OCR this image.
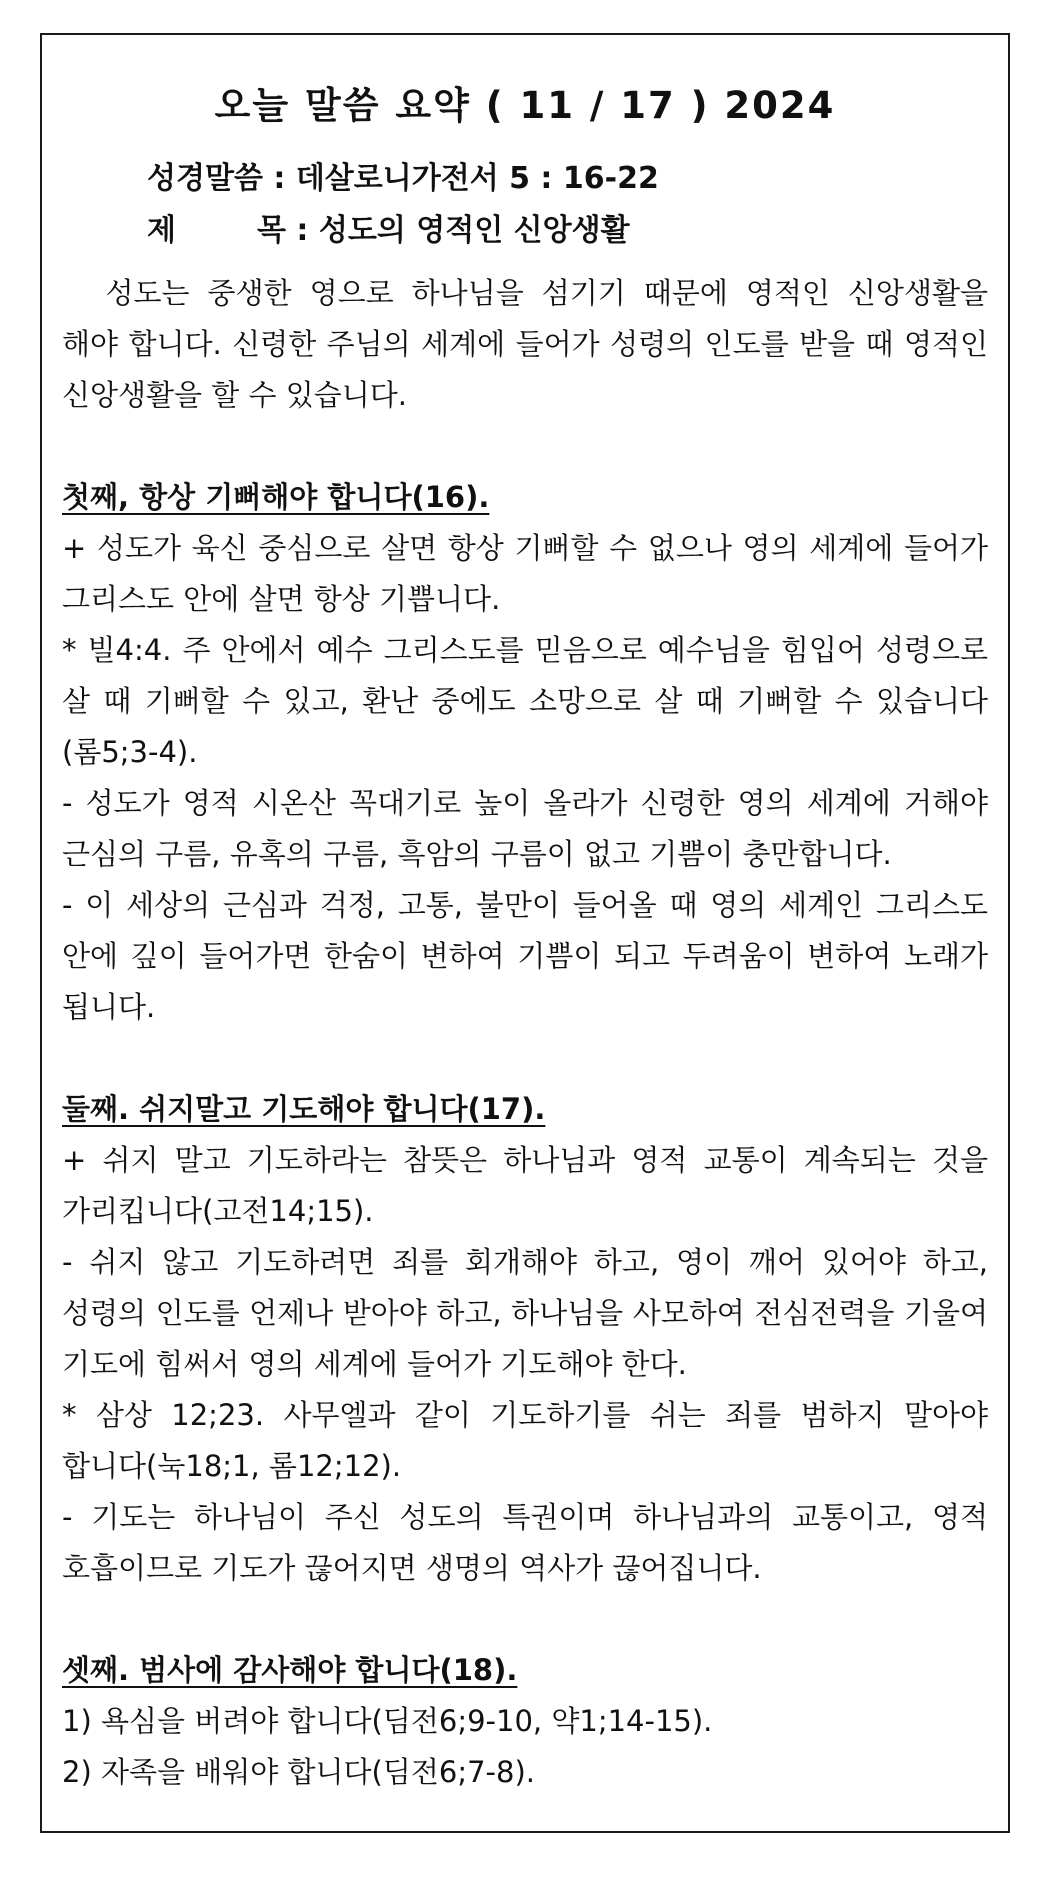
오늘 말씀 요약 ( 11 / 17 ) 2024
성경말씀 : 데살로니가전서 5 : 16-22
제	목 : 성도의 영적인 신앙생활

성도는 중생한 영으로 하나님을 섬기기 때문에 영적인 신앙생활을 해야 합니다. 신령한 주님의 세계에 들어가 성령의 인도를 받을 때 영적인 신앙생활을 할 수 있습니다.

첫째, 항상 기뻐해야 합니다(16).

+ 성도가 육신 중심으로 살면 항상 기뻐할 수 없으나 영의 세계에 들어가 그리스도 안에 살면 항상 기쁩니다.

* 빌4:4. 주 안에서 예수 그리스도를 믿음으로 예수님을 힘입어 성령으로 살 때 기뻐할 수 있고, 환난 중에도 소망으로 살 때 기뻐할 수 있습니다(롬5;3-4).

- 성도가 영적 시온산 꼭대기로 높이 올라가 신령한 영의 세계에 거해야 근심의 구름, 유혹의 구름, 흑암의 구름이 없고 기쁨이 충만합니다.

- 이 세상의 근심과 걱정, 고통, 불만이 들어올 때 영의 세계인 그리스도 안에 깊이 들어가면 한숨이 변하여 기쁨이 되고 두려움이 변하여 노래가 됩니다.

둘째. 쉬지말고 기도해야 합니다(17).

+ 쉬지 말고 기도하라는 참뜻은 하나님과 영적 교통이 계속되는 것을 가리킵니다(고전14;15).

- 쉬지 않고 기도하려면 죄를 회개해야 하고, 영이 깨어 있어야 하고, 성령의 인도를 언제나 받아야 하고, 하나님을 사모하여 전심전력을 기울여 기도에 힘써서 영의 세계에 들어가 기도해야 한다.

* 삼상 12;23. 사무엘과 같이 기도하기를 쉬는 죄를 범하지 말아야 합니다(눅18;1, 롬12;12).

- 기도는 하나님이 주신 성도의 특권이며 하나님과의 교통이고, 영적 호흡이므로 기도가 끊어지면 생명의 역사가 끊어집니다.

셋째. 범사에 감사해야 합니다(18).

1) 욕심을 버려야 합니다(딤전6;9-10, 약1;14-15).

2) 자족을 배워야 합니다(딤전6;7-8).
